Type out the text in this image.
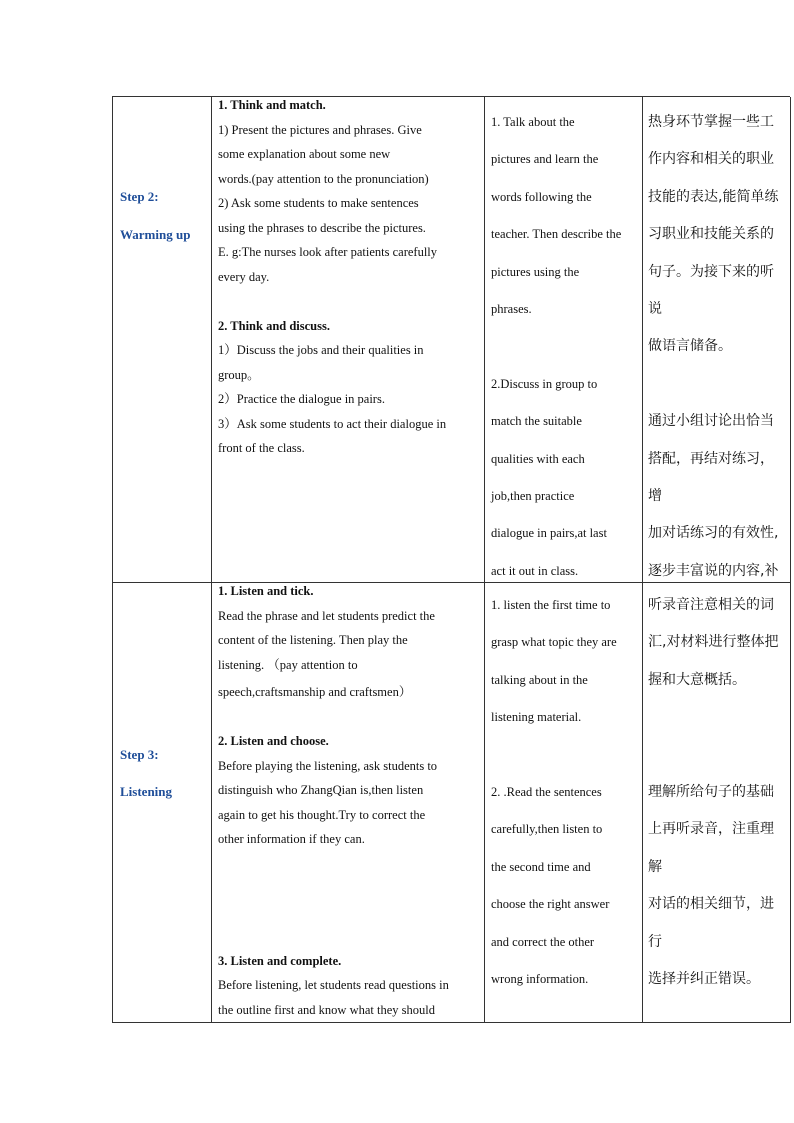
Step 2:

Warming up

1. Think and match.

1) Present the pictures and phrases. Give

some explanation about some new

words.(pay attention to the pronunciation)

2) Ask some students to make sentences

using the phrases to describe the pictures.

E. g:The nurses look after patients carefully

every day.

2. Think and discuss.

1）Discuss the jobs and their qualities in

group。

2）Practice the dialogue in pairs.

3）Ask some students to act their dialogue in

front of the class.

1. Talk about the

pictures and learn the

words following the

teacher. Then describe the

pictures using the

phrases.

2.Discuss in group to

match the suitable

qualities with each

job,then practice

dialogue in pairs,at last

act it out in class.

热身环节掌握一些工

作内容和相关的职业

技能的表达,能简单练

习职业和技能关系的

句子。为接下来的听说

做语言储备。

通过小组讨论出恰当

搭配，再结对练习，增

加对话练习的有效性,

逐步丰富说的内容,补

Step 3:

Listening

1. Listen and tick.

Read the phrase and let students predict the

content of the listening. Then play the

listening. （pay attention to

speech,craftsmanship and craftsmen）

2. Listen and choose.

Before playing the listening, ask students to

distinguish who ZhangQian is,then listen

again to get his thought.Try to correct the

other information if they can.

3. Listen and complete.

Before listening, let students read questions in

the outline first and know what they should

1. listen the first time to

grasp what topic they are

talking about in the

listening material.

2. .Read the sentences

carefully,then listen to

the second time and

choose the right answer

and correct the other

wrong information.

听录音注意相关的词

汇,对材料进行整体把

握和大意概括。

理解所给句子的基础

上再听录音，注重理解

对话的相关细节，进行

选择并纠正错误。
